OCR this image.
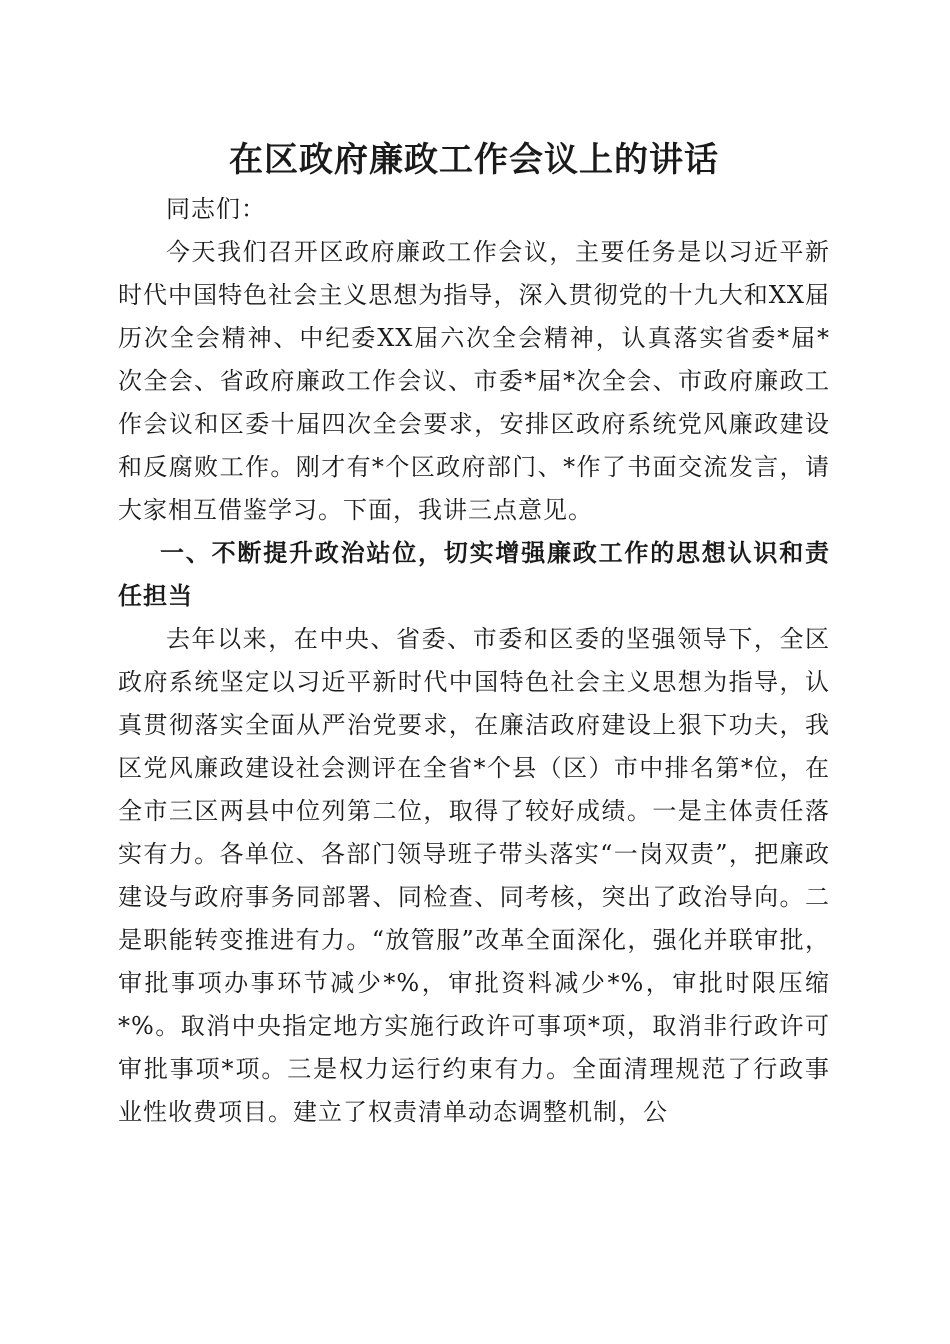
在区政府廉政工作会议上的讲话

同志们：

今天我们召开区政府廉政工作会议，主要任务是以习近平新时代中国特色社会主义思想为指导，深入贯彻党的十九大和XX届历次全会精神、中纪委XX届六次全会精神，认真落实省委*届*次全会、省政府廉政工作会议、市委*届*次全会、市政府廉政工作会议和区委十届四次全会要求，安排区政府系统党风廉政建设和反腐败工作。刚才有*个区政府部门、*作了书面交流发言，请大家相互借鉴学习。下面，我讲三点意见。

一、不断提升政治站位，切实增强廉政工作的思想认识和责任担当

去年以来，在中央、省委、市委和区委的坚强领导下，全区政府系统坚定以习近平新时代中国特色社会主义思想为指导，认真贯彻落实全面从严治党要求，在廉洁政府建设上狠下功夫，我区党风廉政建设社会测评在全省*个县（区）市中排名第*位，在全市三区两县中位列第二位，取得了较好成绩。一是主体责任落实有力。各单位、各部门领导班子带头落实“一岗双责”，把廉政建设与政府事务同部署、同检查、同考核，突出了政治导向。二是职能转变推进有力。“放管服”改革全面深化，强化并联审批，审批事项办事环节减少*%，审批资料减少*%，审批时限压缩*%。取消中央指定地方实施行政许可事项*项，取消非行政许可审批事项*项。三是权力运行约束有力。全面清理规范了行政事业性收费项目。建立了权责清单动态调整机制，公
